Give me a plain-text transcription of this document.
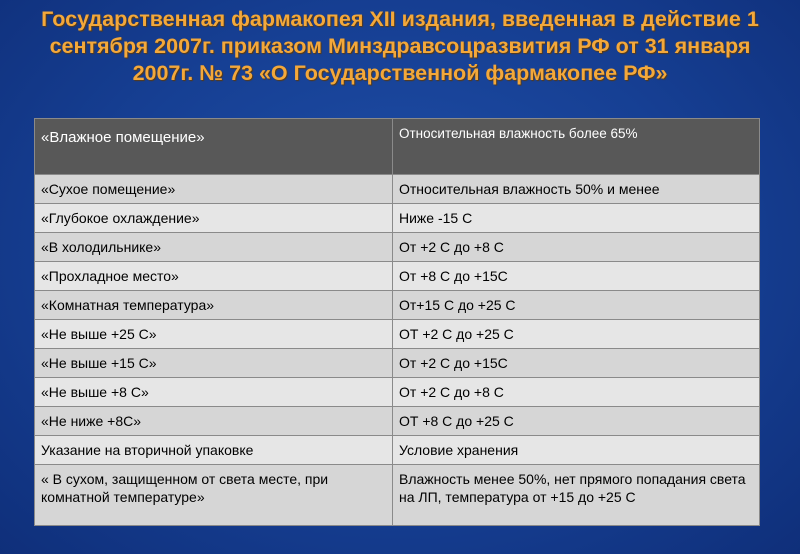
Государственная фармакопея XII издания, введенная в действие 1 сентября 2007г. приказом Минздравсоцразвития РФ от 31 января 2007г. № 73 «О Государственной фармакопее РФ»
«Влажное помещение»	Относительная влажность более 65%
«Сухое помещение»	Относительная влажность 50% и менее
«Глубокое охлаждение»	Ниже -15 С
«В холодильнике»	От +2 С до +8 С
«Прохладное место»	От +8 С до +15С
«Комнатная температура»	От+15 С до +25 С
«Не выше +25 С»	ОТ +2 С до +25 С
«Не выше +15 С»	От +2 С до +15С
«Не выше +8 С»	От +2 С до +8 С
«Не ниже +8С»	ОТ +8 С до +25 С
Указание на вторичной упаковке	Условие хранения
« В сухом, защищенном от света месте, при комнатной температуре»	Влажность менее 50%, нет прямого попадания света на ЛП, температура от +15 до +25 С
